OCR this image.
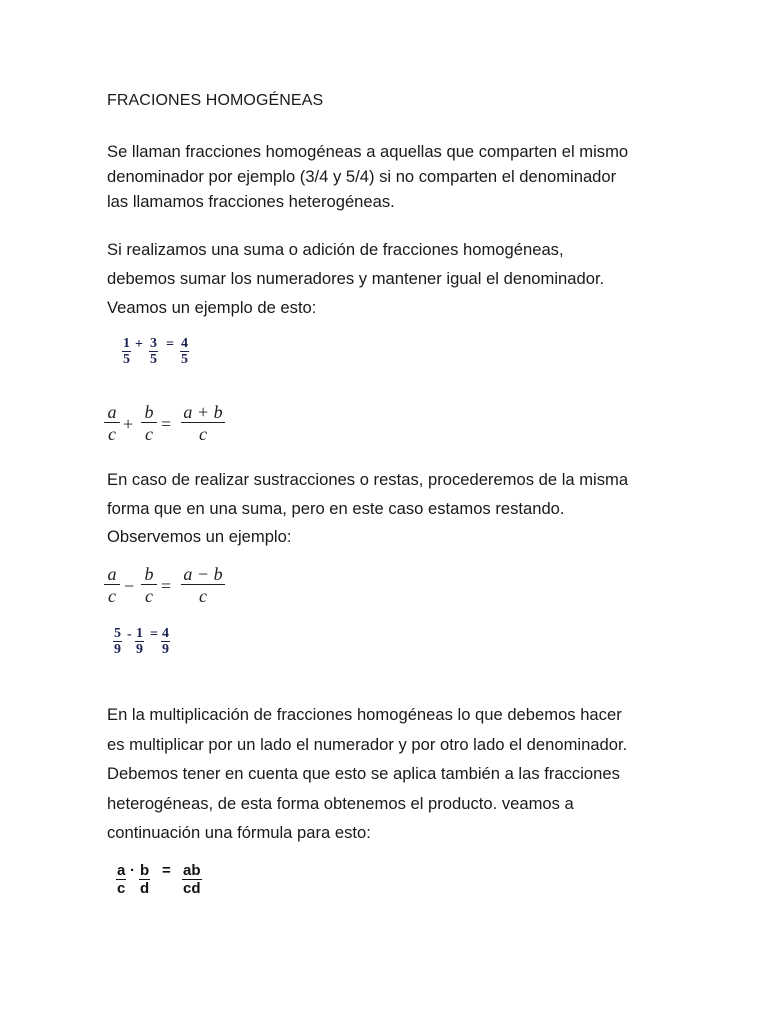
FRACIONES HOMOGÉNEAS

Se llaman fracciones homogéneas a aquellas que comparten el mismo
denominador por ejemplo (3/4 y 5/4) si no comparten el denominador
las llamamos fracciones heterogéneas.

Si realizamos una suma o adición de fracciones homogéneas,
debemos sumar los numeradores y mantener igual el denominador.
Veamos un ejemplo de esto:

$\frac{1}{5} + \frac{3}{5} = \frac{4}{5}$
$\frac{a}{c} + \frac{b}{c} = \frac{a + b}{c}$

En caso de realizar sustracciones o restas, procederemos de la misma
forma que en una suma, pero en este caso estamos restando.
Observemos un ejemplo:

$\frac{a}{c} - \frac{b}{c} = \frac{a - b}{c}$
$\frac{5}{9} - \frac{1}{9} = \frac{4}{9}$

En la multiplicación de fracciones homogéneas lo que debemos hacer
es multiplicar por un lado el numerador y por otro lado el denominador.
Debemos tener en cuenta que esto se aplica también a las fracciones
heterogéneas, de esta forma obtenemos el producto. veamos a
continuación una fórmula para esto:

$\frac{a}{c} \cdot \frac{b}{d} = \frac{ab}{cd}$
